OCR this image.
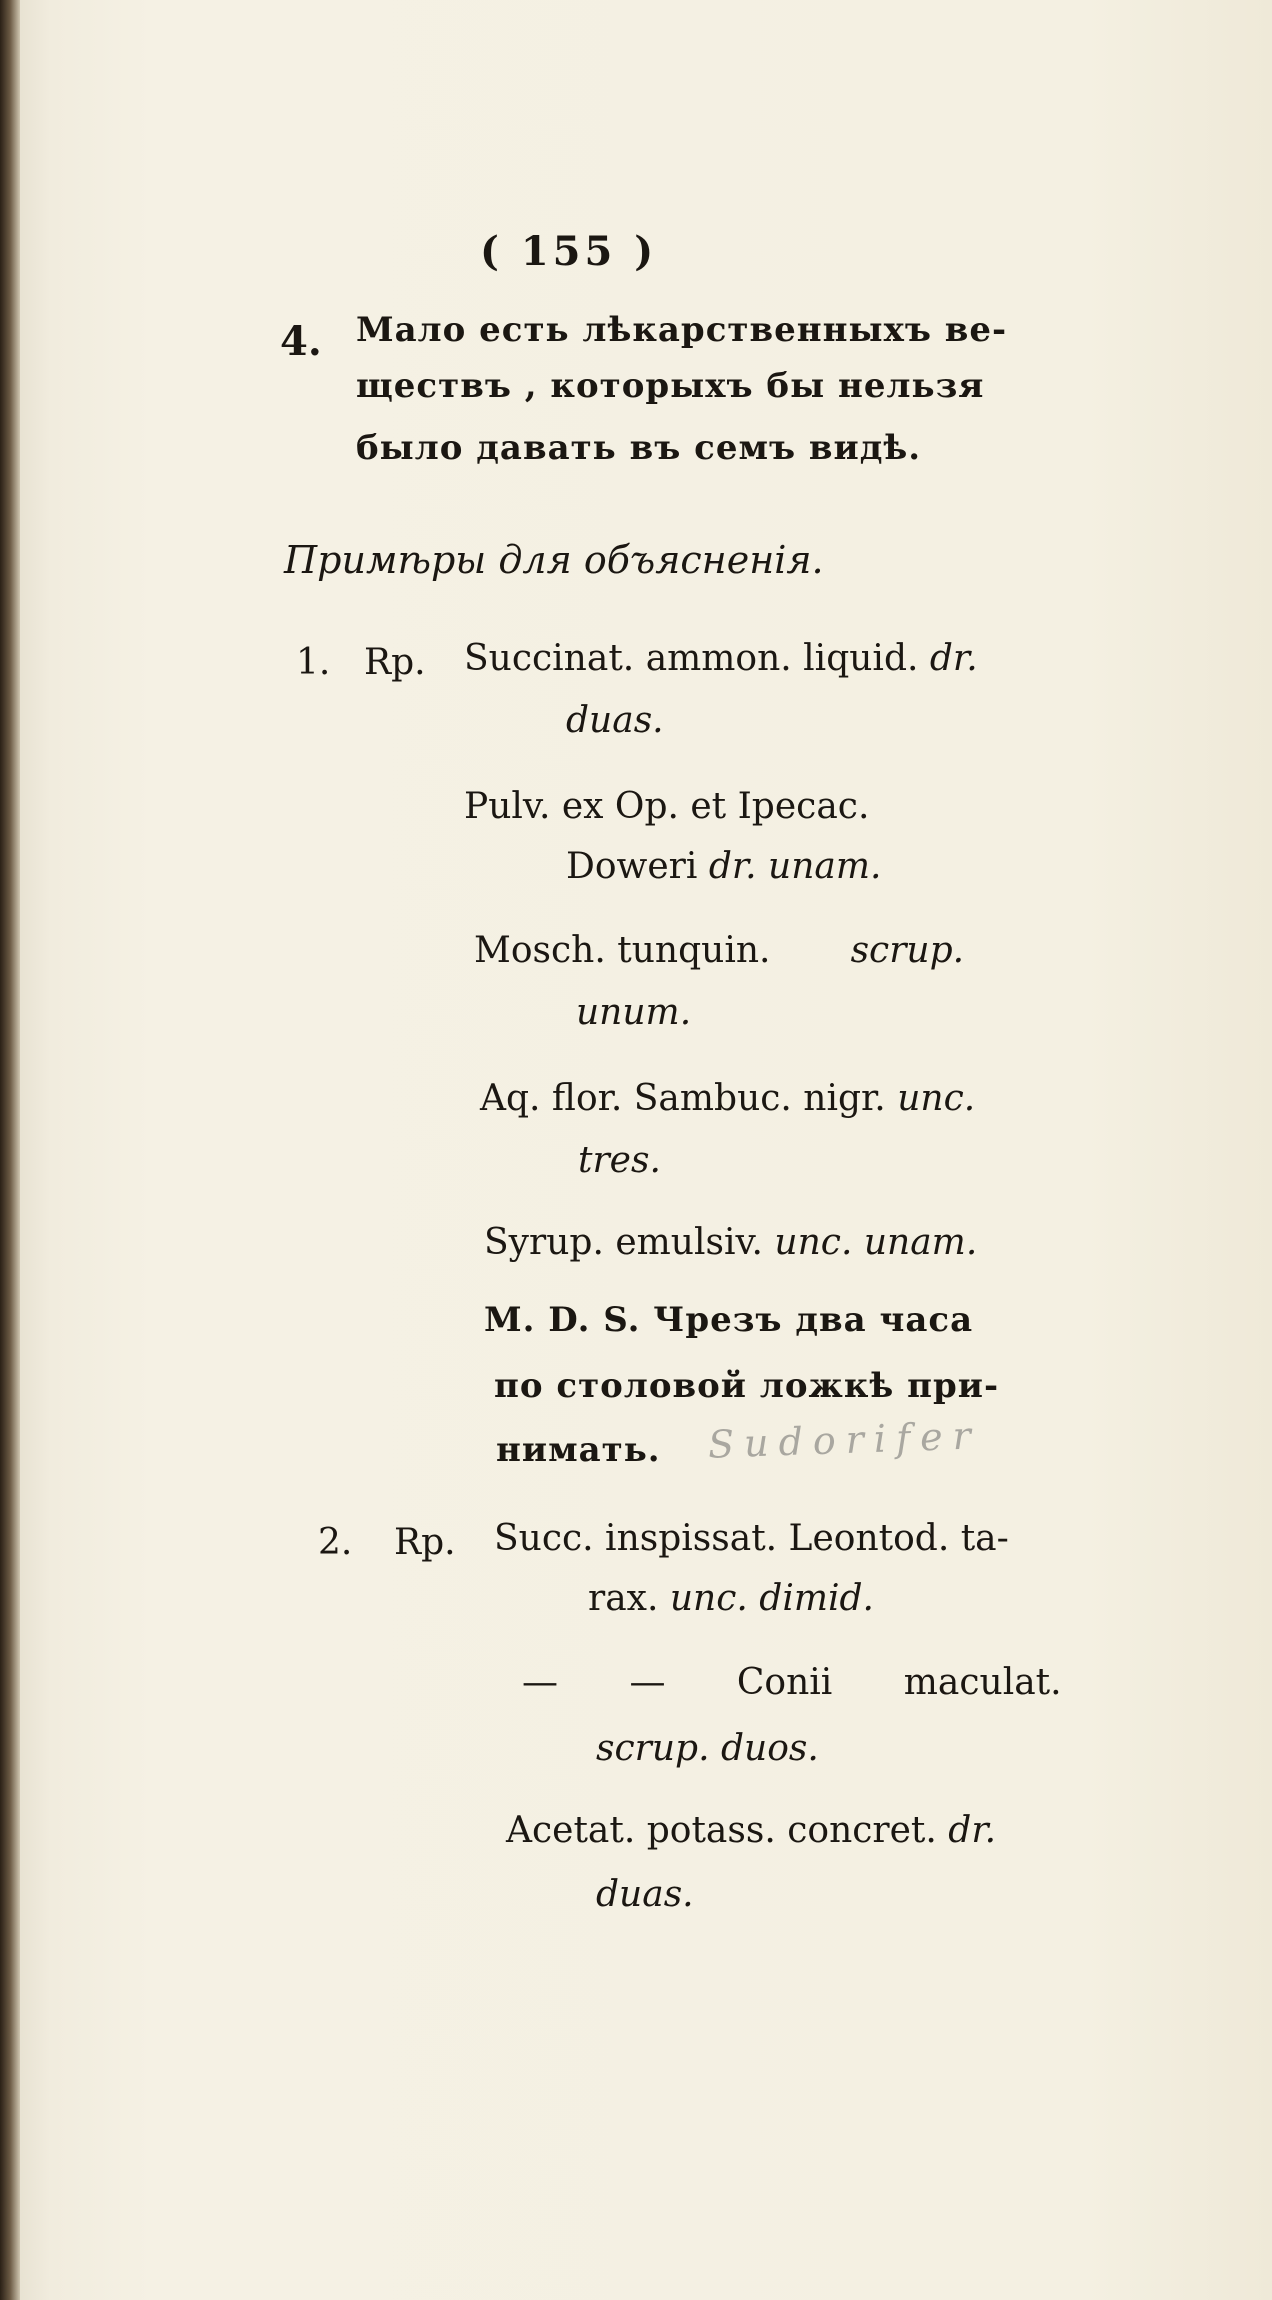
( 155 )
4. Мало есть лѣкарственныхъ ве-
ществъ , которыхъ бы нельзя
было давать въ семъ видѣ.
Примѣры для объясненія.
1. Rp. Succinat. ammon. liquid. dr.
duas.
Pulv. ex Op. et Ipecac.
Doweri dr. unam.
Mosch. tunquin. scrup.
unum.
Aq. flor. Sambuc. nigr. unc.
tres.
Syrup. emulsiv. unc. unam.
M. D. S. Чрезъ два часа
по столовой ложкѣ при-
нимать. Sudorifer
2. Rp. Succ. inspissat. Leontod. ta-
rax. unc. dimid.
— — Conii maculat.
scrup. duos.
Acetat. potass. concret. dr.
duas.
